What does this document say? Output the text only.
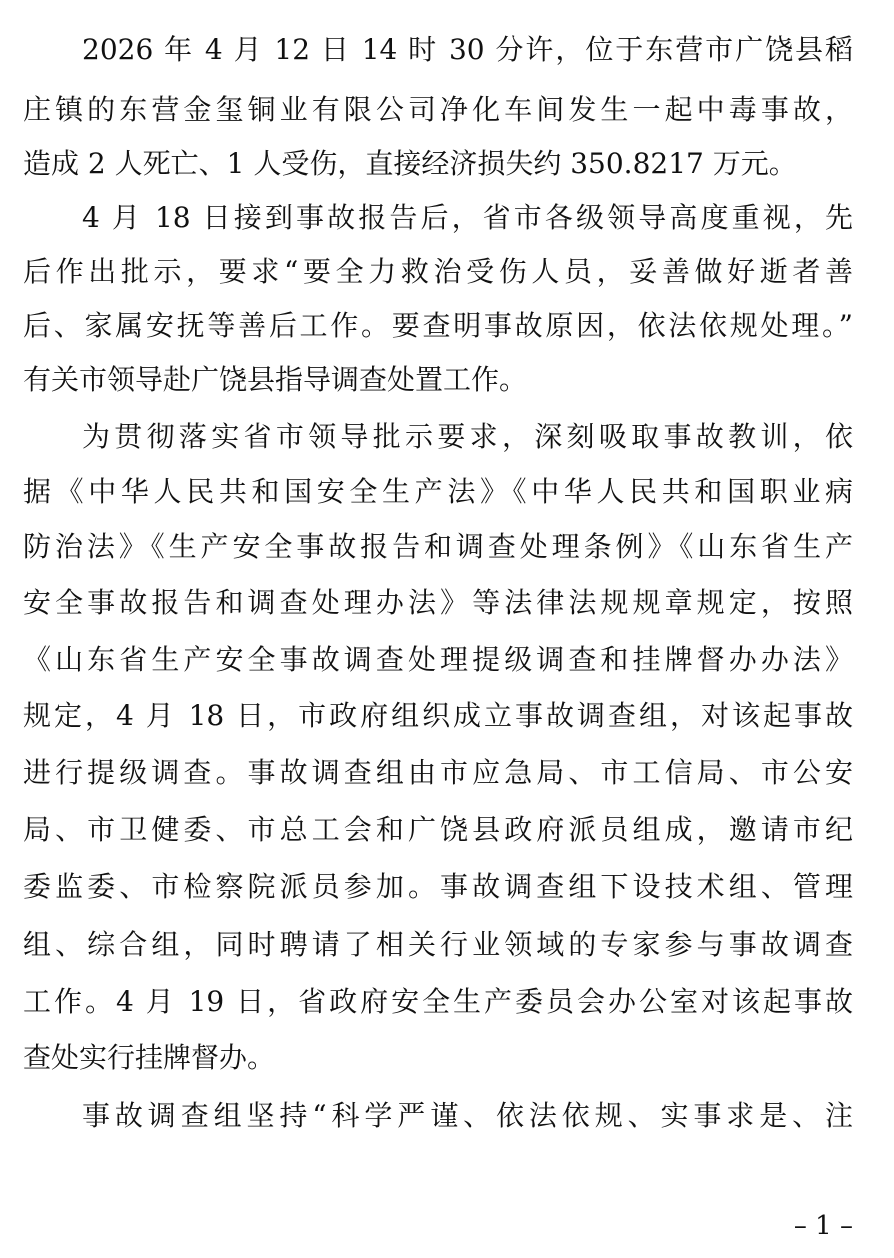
2026 年 4 月 12 日 14 时 30 分许，位于东营市广饶县稻
庄镇的东营金玺铜业有限公司净化车间发生一起中毒事故，
造成 2 人死亡、1 人受伤，直接经济损失约 350.8217 万元。
4 月 18 日接到事故报告后，省市各级领导高度重视，先
后作出批示，要求“要全力救治受伤人员，妥善做好逝者善
后、家属安抚等善后工作。要查明事故原因，依法依规处理。”
有关市领导赴广饶县指导调查处置工作。
为贯彻落实省市领导批示要求，深刻吸取事故教训，依
据《中华人民共和国安全生产法》《中华人民共和国职业病
防治法》《生产安全事故报告和调查处理条例》《山东省生产
安全事故报告和调查处理办法》等法律法规规章规定，按照
《山东省生产安全事故调查处理提级调查和挂牌督办办法》
规定，4 月 18 日，市政府组织成立事故调查组，对该起事故
进行提级调查。事故调查组由市应急局、市工信局、市公安
局、市卫健委、市总工会和广饶县政府派员组成，邀请市纪
委监委、市检察院派员参加。事故调查组下设技术组、管理
组、综合组，同时聘请了相关行业领域的专家参与事故调查
工作。4 月 19 日，省政府安全生产委员会办公室对该起事故
查处实行挂牌督办。
事故调查组坚持“科学严谨、依法依规、实事求是、注
– 1 –
